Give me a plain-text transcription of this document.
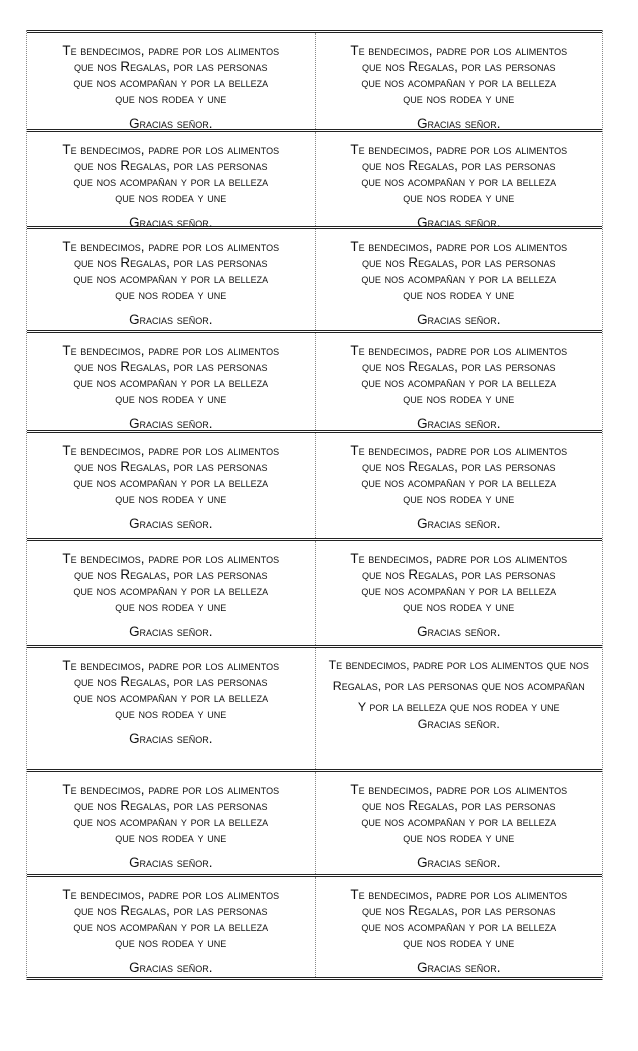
Te bendecimos, padre por los alimentos
que nos Regalas, por las personas
que nos acompañan y por la belleza
que nos rodea y une
Gracias señor.
Te bendecimos, padre por los alimentos
que nos Regalas, por las personas
que nos acompañan y por la belleza
que nos rodea y une
Gracias señor.
Te bendecimos, padre por los alimentos
que nos Regalas, por las personas
que nos acompañan y por la belleza
que nos rodea y une
Gracias señor.
Te bendecimos, padre por los alimentos
que nos Regalas, por las personas
que nos acompañan y por la belleza
que nos rodea y une
Gracias señor.
Te bendecimos, padre por los alimentos
que nos Regalas, por las personas
que nos acompañan y por la belleza
que nos rodea y une
Gracias señor.
Te bendecimos, padre por los alimentos
que nos Regalas, por las personas
que nos acompañan y por la belleza
que nos rodea y une
Gracias señor.
Te bendecimos, padre por los alimentos
que nos Regalas, por las personas
que nos acompañan y por la belleza
que nos rodea y une
Gracias señor.
Te bendecimos, padre por los alimentos
que nos Regalas, por las personas
que nos acompañan y por la belleza
que nos rodea y une
Gracias señor.
Te bendecimos, padre por los alimentos
que nos Regalas, por las personas
que nos acompañan y por la belleza
que nos rodea y une
Gracias señor.
Te bendecimos, padre por los alimentos
que nos Regalas, por las personas
que nos acompañan y por la belleza
que nos rodea y une
Gracias señor.
Te bendecimos, padre por los alimentos
que nos Regalas, por las personas
que nos acompañan y por la belleza
que nos rodea y une
Gracias señor.
Te bendecimos, padre por los alimentos
que nos Regalas, por las personas
que nos acompañan y por la belleza
que nos rodea y une
Gracias señor.
Te bendecimos, padre por los alimentos
que nos Regalas, por las personas
que nos acompañan y por la belleza
que nos rodea y une
Gracias señor.
Te bendecimos, padre por los alimentos que nos
Regalas, por las personas que nos acompañan
Y por la belleza que nos rodea y une
Gracias señor.
Te bendecimos, padre por los alimentos
que nos Regalas, por las personas
que nos acompañan y por la belleza
que nos rodea y une
Gracias señor.
Te bendecimos, padre por los alimentos
que nos Regalas, por las personas
que nos acompañan y por la belleza
que nos rodea y une
Gracias señor.
Te bendecimos, padre por los alimentos
que nos Regalas, por las personas
que nos acompañan y por la belleza
que nos rodea y une
Gracias señor.
Te bendecimos, padre por los alimentos
que nos Regalas, por las personas
que nos acompañan y por la belleza
que nos rodea y une
Gracias señor.
